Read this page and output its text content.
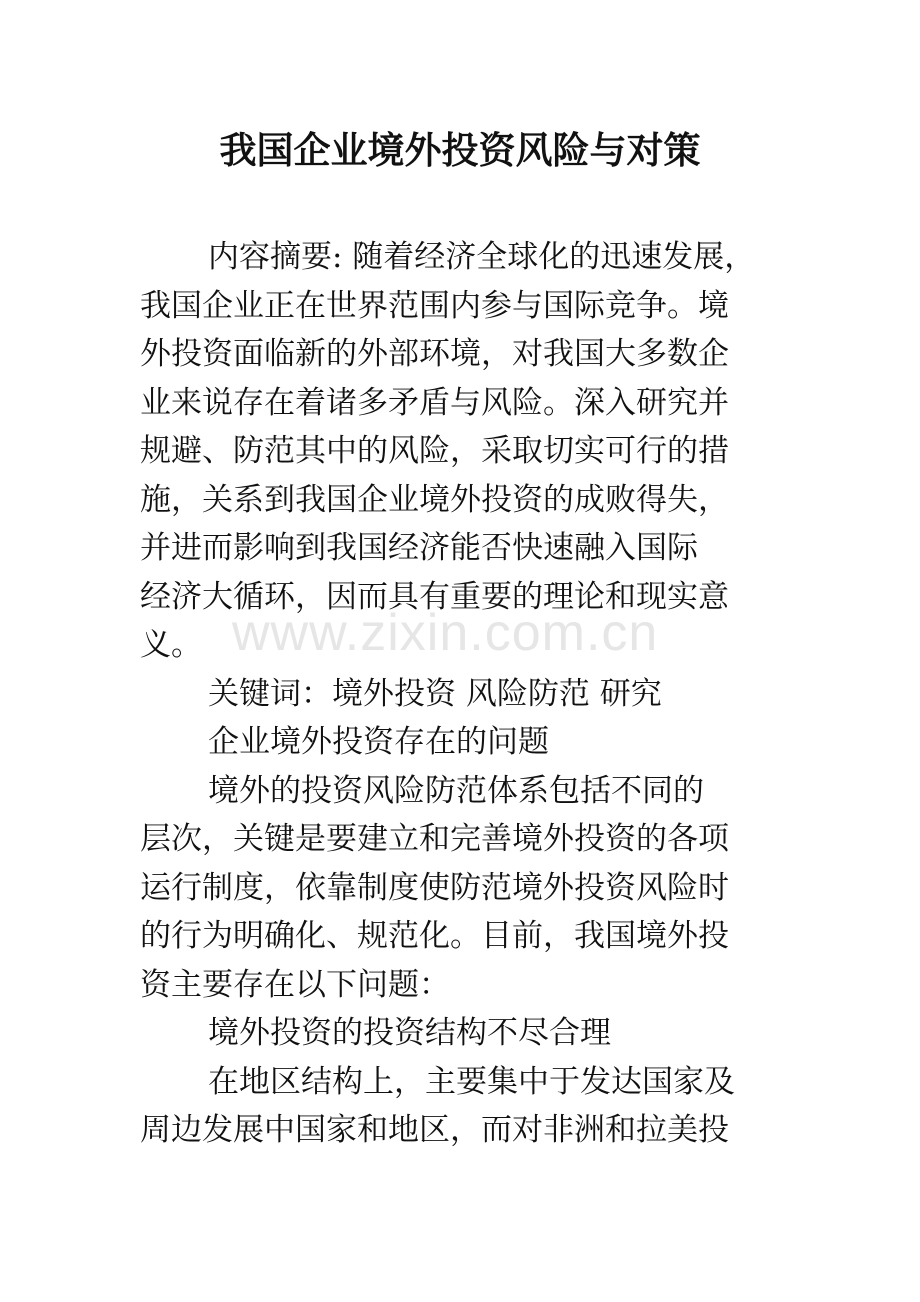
我国企业境外投资风险与对策
内容摘要: 随着经济全球化的迅速发展，
我国企业正在世界范围内参与国际竞争。境
外投资面临新的外部环境，对我国大多数企
业来说存在着诸多矛盾与风险。深入研究并
规避、防范其中的风险，采取切实可行的措
施，关系到我国企业境外投资的成败得失，
并进而影响到我国经济能否快速融入国际
经济大循环，因而具有重要的理论和现实意
义。
关键词：境外投资 风险防范 研究
企业境外投资存在的问题
境外的投资风险防范体系包括不同的
层次，关键是要建立和完善境外投资的各项
运行制度，依靠制度使防范境外投资风险时
的行为明确化、规范化。目前，我国境外投
资主要存在以下问题：
境外投资的投资结构不尽合理
在地区结构上，主要集中于发达国家及
周边发展中国家和地区，而对非洲和拉美投
www.zixin.com.cn
